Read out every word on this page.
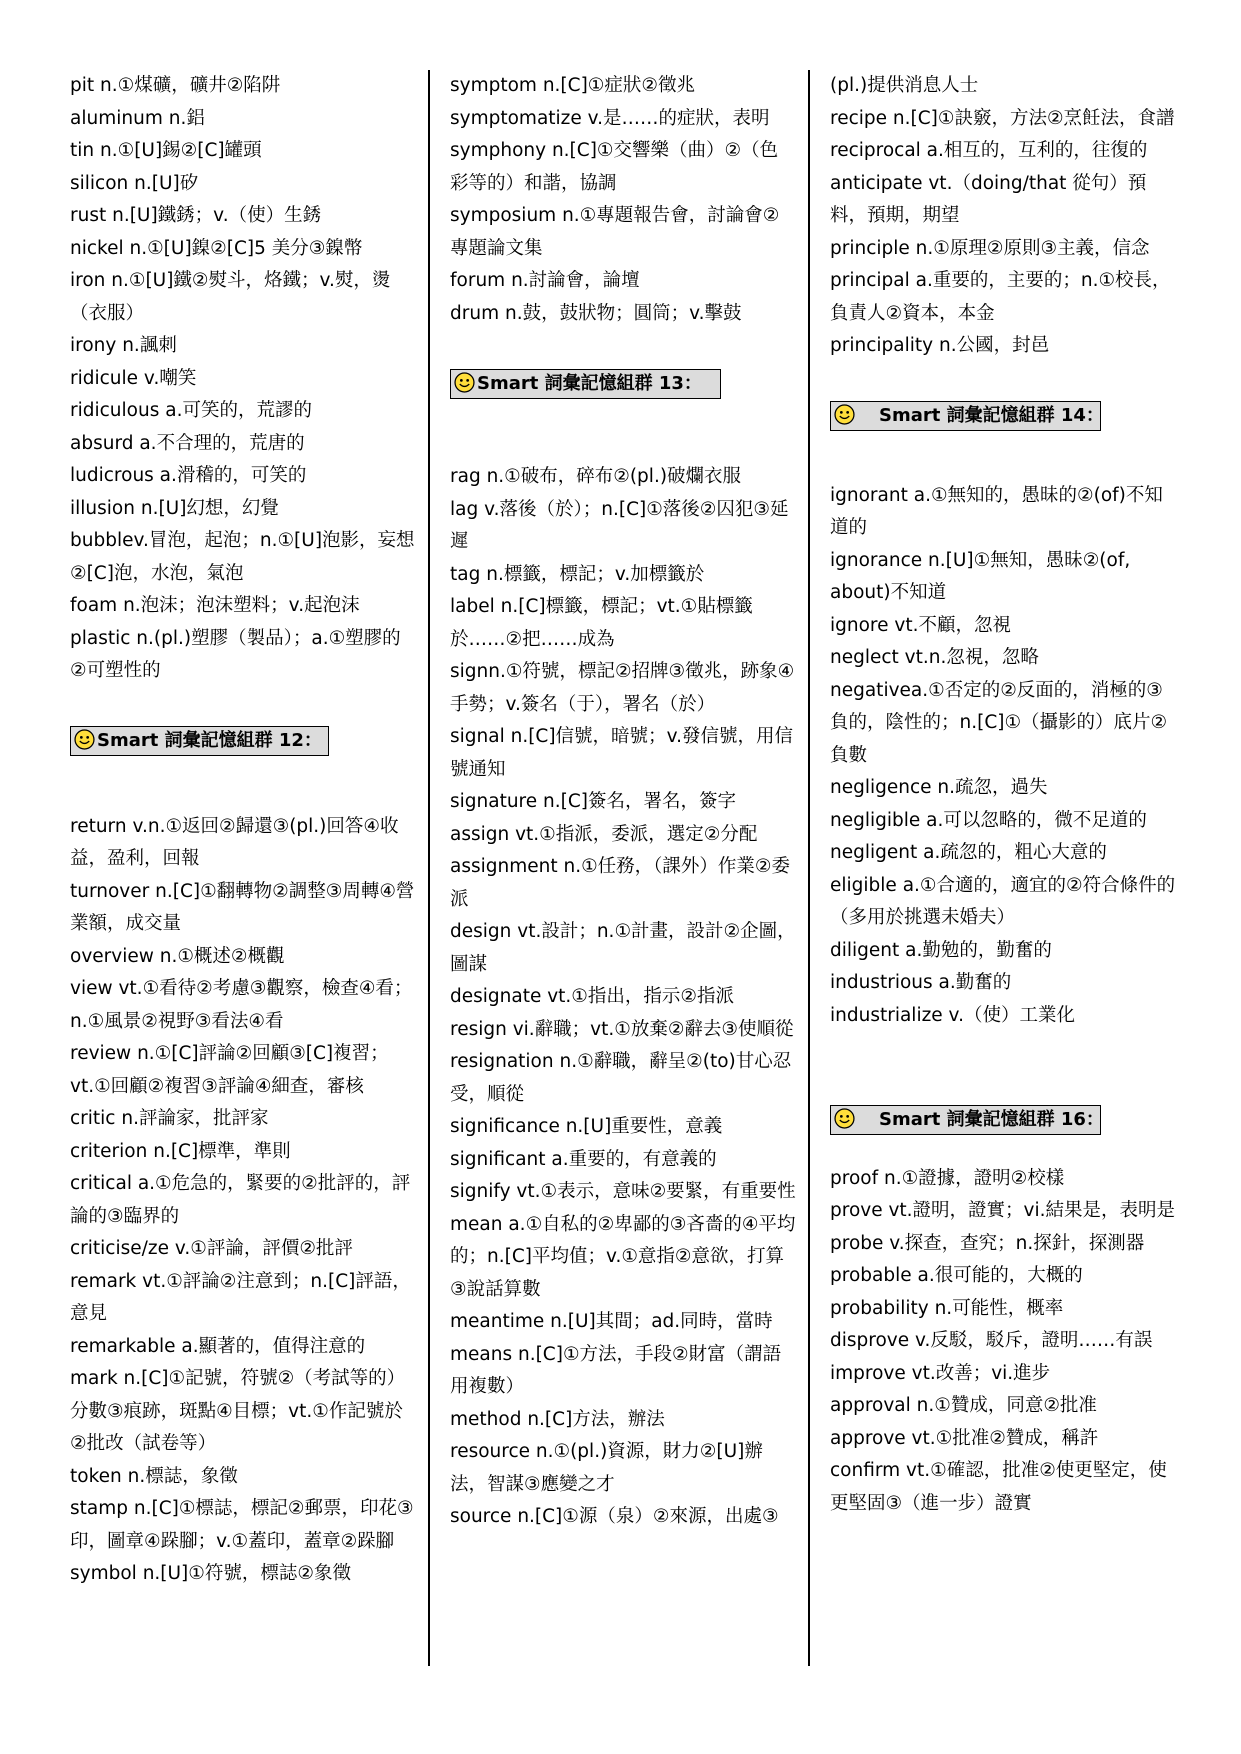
pit n.①煤礦，礦井②陷阱

aluminum n.鋁

tin n.①[U]錫②[C]罐頭

silicon n.[U]矽

rust n.[U]鐵銹；v.（使）生銹

nickel n.①[U]鎳②[C]5 美分③鎳幣

iron n.①[U]鐵②熨斗，烙鐵；v.熨，燙（衣服）

irony n.諷刺

ridicule v.嘲笑

ridiculous a.可笑的，荒謬的

absurd a.不合理的，荒唐的

ludicrous a.滑稽的，可笑的

illusion n.[U]幻想，幻覺

bubblev.冒泡，起泡；n.①[U]泡影，妄想②[C]泡，水泡，氣泡

foam n.泡沫；泡沫塑料；v.起泡沫

plastic n.(pl.)塑膠（製品）；a.①塑膠的②可塑性的

Smart 詞彙記憶組群 12：

return v.n.①返回②歸還③(pl.)回答④收益，盈利，回報

turnover n.[C]①翻轉物②調整③周轉④營業額，成交量

overview n.①概述②概觀

view vt.①看待②考慮③觀察，檢查④看；n.①風景②視野③看法④看

review n.①[C]評論②回顧③[C]複習；vt.①回顧②複習③評論④細查，審核

critic n.評論家，批評家

criterion n.[C]標準，準則

critical a.①危急的，緊要的②批評的，評論的③臨界的

criticise/ze v.①評論，評價②批評

remark vt.①評論②注意到；n.[C]評語，意見

remarkable a.顯著的，值得注意的

mark n.[C]①記號，符號②（考試等的）分數③痕跡，斑點④目標；vt.①作記號於②批改（試卷等）

token n.標誌，象徵

stamp n.[C]①標誌，標記②郵票，印花③印，圖章④跺腳；v.①蓋印，蓋章②跺腳

symbol n.[U]①符號，標誌②象徵

symptom n.[C]①症狀②徵兆

symptomatize v.是……的症狀，表明

symphony n.[C]①交響樂（曲）②（色彩等的）和諧，協調

symposium n.①專題報告會，討論會②專題論文集

forum n.討論會，論壇

drum n.鼓，鼓狀物；圓筒；v.擊鼓

Smart 詞彙記憶組群 13：

rag n.①破布，碎布②(pl.)破爛衣服

lag v.落後（於）；n.[C]①落後②囚犯③延遲

tag n.標籤，標記；v.加標籤於

label n.[C]標籤，標記；vt.①貼標籤於……②把……成為

signn.①符號，標記②招牌③徵兆，跡象④手勢；v.簽名（于），署名（於）

signal n.[C]信號，暗號；v.發信號，用信號通知

signature n.[C]簽名，署名，簽字

assign vt.①指派，委派，選定②分配

assignment n.①任務，（課外）作業②委派

design vt.設計；n.①計畫，設計②企圖，圖謀

designate vt.①指出，指示②指派

resign vi.辭職；vt.①放棄②辭去③使順從

resignation n.①辭職，辭呈②(to)甘心忍受，順從

significance n.[U]重要性，意義

significant a.重要的，有意義的

signify vt.①表示，意味②要緊，有重要性

mean a.①自私的②卑鄙的③吝嗇的④平均的；n.[C]平均值；v.①意指②意欲，打算③說話算數

meantime n.[U]其間；ad.同時，當時

means n.[C]①方法，手段②財富（謂語用複數）

method n.[C]方法，辦法

resource n.①(pl.)資源，財力②[U]辦法，智謀③應變之才

source n.[C]①源（泉）②來源，出處③

(pl.)提供消息人士

recipe n.[C]①訣竅，方法②烹飪法，食譜

reciprocal a.相互的，互利的，往復的

anticipate vt.（doing/that 從句）預料，預期，期望

principle n.①原理②原則③主義，信念

principal a.重要的，主要的；n.①校長，負責人②資本，本金

principality n.公國，封邑

Smart 詞彙記憶組群 14：

ignorant a.①無知的，愚昧的②(of)不知道的

ignorance n.[U]①無知，愚昧②(of, about)不知道

ignore vt.不顧，忽視

neglect vt.n.忽視，忽略

negativea.①否定的②反面的，消極的③負的，陰性的；n.[C]①（攝影的）底片②負數

negligence n.疏忽，過失

negligible a.可以忽略的，微不足道的

negligent a.疏忽的，粗心大意的

eligible a.①合適的，適宜的②符合條件的（多用於挑選未婚夫）

diligent a.勤勉的，勤奮的

industrious a.勤奮的

industrialize v.（使）工業化

Smart 詞彙記憶組群 16：

proof n.①證據，證明②校樣

prove vt.證明，證實；vi.結果是，表明是

probe v.探查，查究；n.探針，探測器

probable a.很可能的，大概的

probability n.可能性，概率

disprove v.反駁，駁斥，證明……有誤

improve vt.改善；vi.進步

approval n.①贊成，同意②批准

approve vt.①批准②贊成，稱許

confirm vt.①確認，批准②使更堅定，使更堅固③（進一步）證實
